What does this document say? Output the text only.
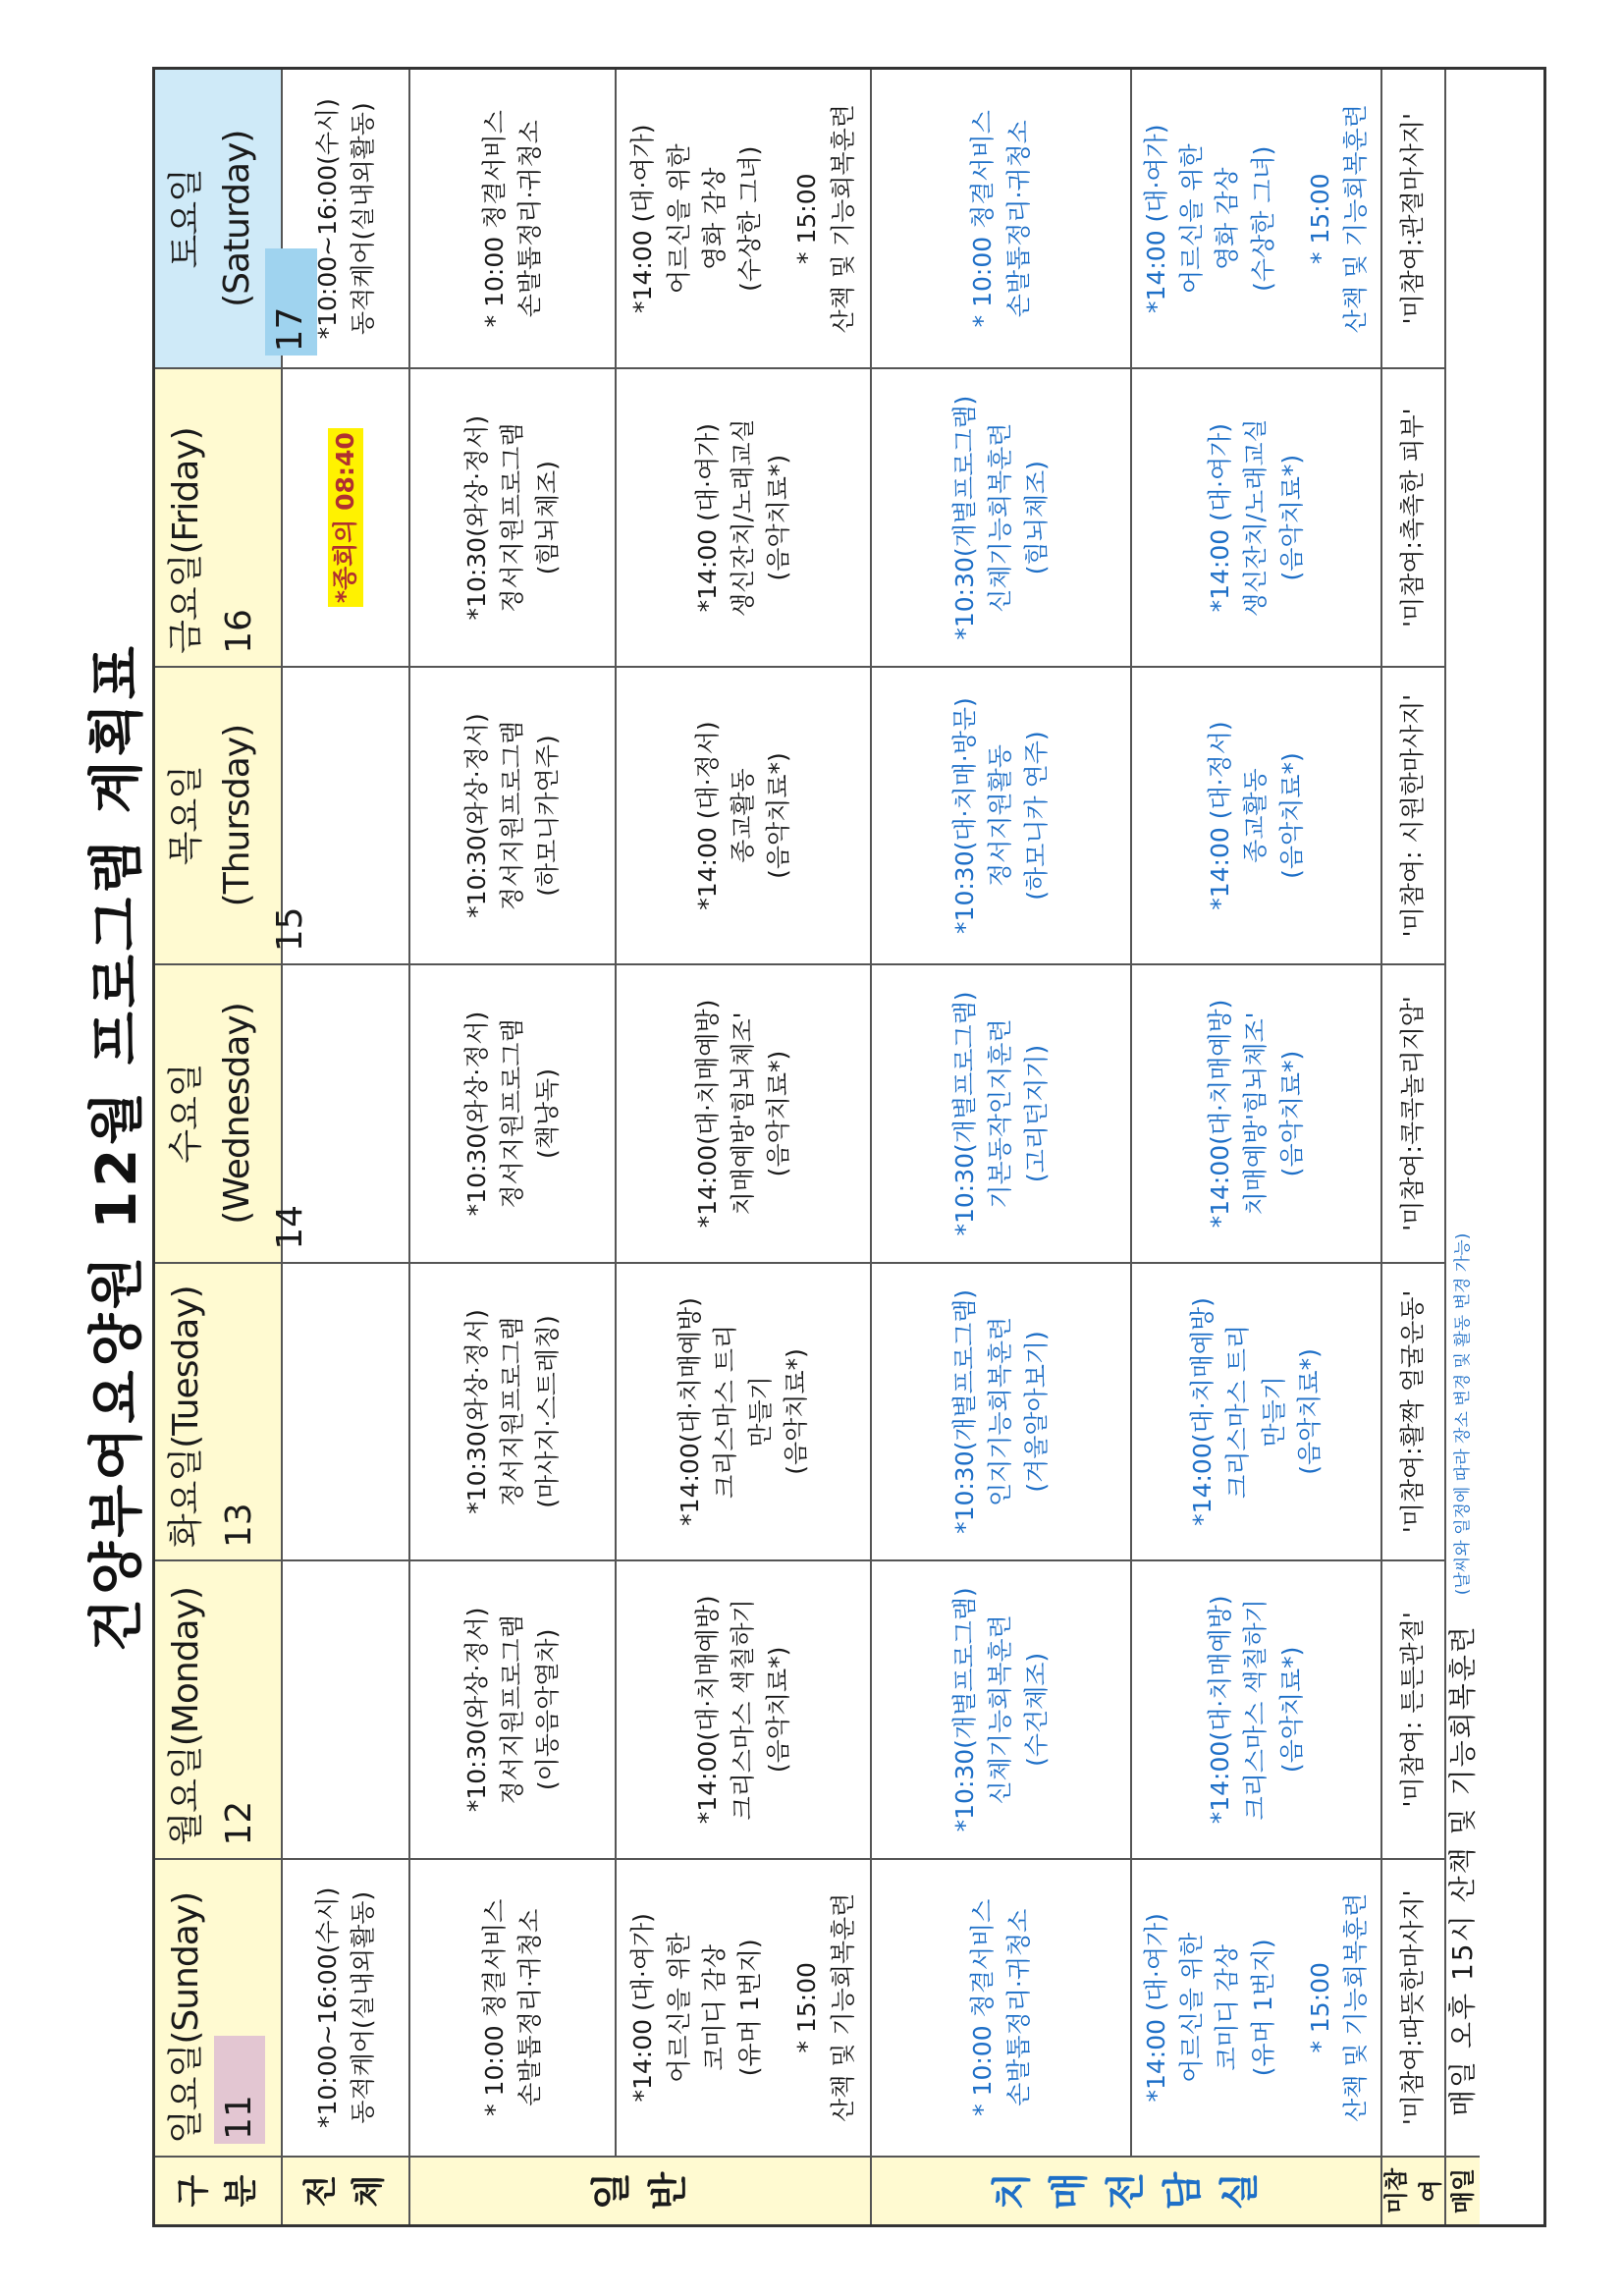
건양부여요양원 12월 프로그램 계획표
구분
일요일(Sunday) 11
월요일(Monday) 12
화요일(Tuesday) 13
수요일(Wednesday)
14
목요일(Thursday)
15
금요일(Friday) 16
토요일(Saturday)
17
전체
*10:00~16:00(수시) 동적케어(실내외활동)
*종회의 08:40
*10:00~16:00(수시) 동적케어(실내외활동)
일 반
* 10:00 청결서비스 손발톱정리·귀청소
*10:30(와상·정서) 정서지원프로그램 (이동음악열차)
*10:30(와상·정서) 정서지원프로그램 (마사지·스트레칭)
*10:30(와상·정서) 정서지원프로그램 (책낭독)
*10:30(와상·정서) 정서지원프로그램 (하모니카연주)
*10:30(와상·정서) 정서지원프로그램 (힘뇌체조)
* 10:00 청결서비스 손발톱정리·귀청소
*14:00 (대·여가) 어르신을 위한 코미디 감상 (유머 1번지) * 15:00 산책 및 기능회복훈련
*14:00(대·치매예방) 크리스마스 색칠하기 (음악치료*)
*14:00(대·치매예방) 크리스마스 트리 만들기 (음악치료*)
*14:00(대·치매예방) 치매예방'힘뇌체조' (음악치료*)
*14:00 (대·정서) 종교활동 (음악치료*)
*14:00 (대·여가) 생신잔치/노래교실 (음악치료*)
*14:00 (대·여가) 어르신을 위한 영화 감상 (수상한 그녀) * 15:00 산책 및 기능회복훈련
치 매 전 담 실
* 10:00 청결서비스 손발톱정리·귀청소
*10:30(개별프로그램) 신체기능회복훈련 (수건체조)
*10:30(개별프로그램) 인지기능회복훈련 (겨울알아보기)
*10:30(개별프로그램) 기본동작인지훈련 (고리던지기)
*10:30(대·치매·방문) 정서지원활동 (하모니카 연주)
*10:30(개별프로그램) 신체기능회복훈련 (힘뇌체조)
* 10:00 청결서비스 손발톱정리·귀청소
*14:00 (대·여가) 어르신을 위한 코미디 감상 (유머 1번지) * 15:00 산책 및 기능회복훈련
*14:00(대·치매예방) 크리스마스 색칠하기 (음악치료*)
*14:00(대·치매예방) 크리스마스 트리 만들기 (음악치료*)
*14:00(대·치매예방) 치매예방'힘뇌체조' (음악치료*)
*14:00 (대·정서) 종교활동 (음악치료*)
*14:00 (대·여가) 생신잔치/노래교실 (음악치료*)
*14:00 (대·여가) 어르신을 위한 영화 감상 (수상한 그녀) * 15:00 산책 및 기능회복훈련
미참여
'미참여:따뜻한마사지'
'미참여: 튼튼관절'
'미참여:활짝 얼굴운동'
'미참여:콕콕놀리지압'
'미참여: 시원한마사지'
'미참여:촉촉한 피부'
'미참여:관절마사지'
매일
매일 오후 15시 산책 및 기능회복훈련
(날씨와 일정에 따라 장소 변경 및 활동 변경 가능)
